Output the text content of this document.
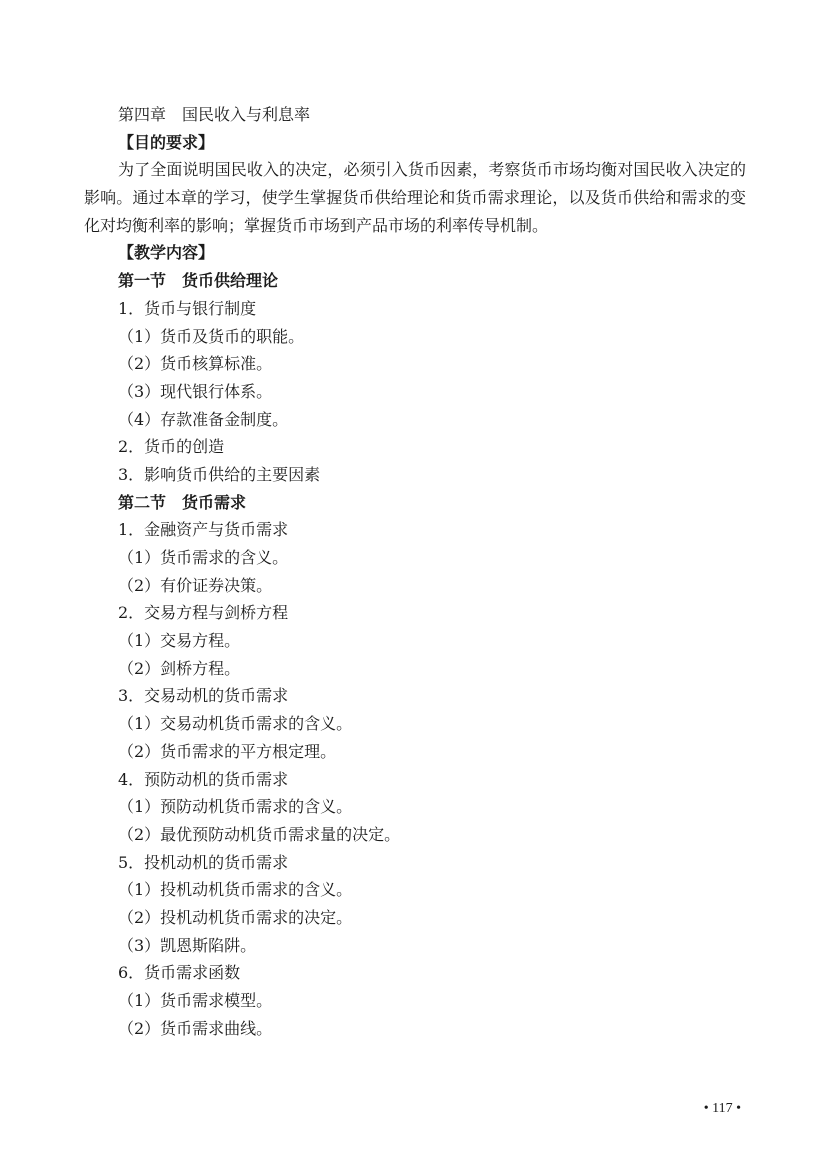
第四章　国民收入与利息率
【目的要求】

为了全面说明国民收入的决定，必须引入货币因素，考察货币市场均衡对国民收入决定的影响。通过本章的学习，使学生掌握货币供给理论和货币需求理论，以及货币供给和需求的变化对均衡利率的影响；掌握货币市场到产品市场的利率传导机制。

【教学内容】
第一节　货币供给理论
1．货币与银行制度
（1）货币及货币的职能。
（2）货币核算标准。
（3）现代银行体系。
（4）存款准备金制度。
2．货币的创造
3．影响货币供给的主要因素
第二节　货币需求
1．金融资产与货币需求
（1）货币需求的含义。
（2）有价证券决策。
2．交易方程与剑桥方程
（1）交易方程。
（2）剑桥方程。
3．交易动机的货币需求
（1）交易动机货币需求的含义。
（2）货币需求的平方根定理。
4．预防动机的货币需求
（1）预防动机货币需求的含义。
（2）最优预防动机货币需求量的决定。
5．投机动机的货币需求
（1）投机动机货币需求的含义。
（2）投机动机货币需求的决定。
（3）凯恩斯陷阱。
6．货币需求函数
（1）货币需求模型。
（2）货币需求曲线。
• 117 •
